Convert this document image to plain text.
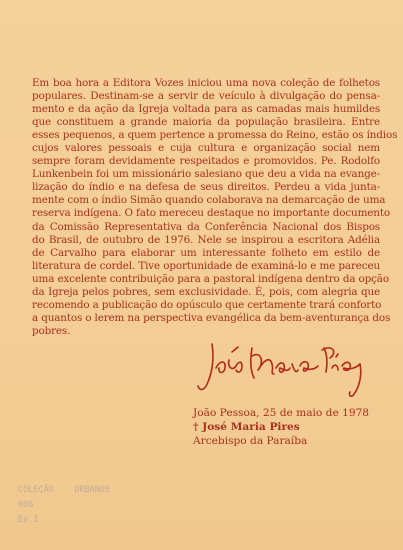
Em boa hora a Editora Vozes iniciou uma nova coleção de folhetos
populares. Destinam-se a servir de veículo à divulgação do pensa-
mento e da ação da Igreja voltada para as camadas mais humildes
que constituem a grande maioria da população brasileira. Entre
esses pequenos, a quem pertence a promessa do Reino, estão os índios
cujos valores pessoais e cuja cultura e organização social nem
sempre foram devidamente respeitados e promovidos. Pe. Rodolfo
Lunkenbein foi um missionário salesiano que deu a vida na evange-
lização do índio e na defesa de seus direitos. Perdeu a vida junta-
mente com o índio Simão quando colaborava na demarcação de uma
reserva indígena. O fato mereceu destaque no importante documento
da Comissão Representativa da Conferência Nacional dos Bispos
do Brasil, de outubro de 1976. Nele se inspirou a escritora Adélia
de Carvalho para elaborar um interessante folheto em estilo de
literatura de cordel. Tive oportunidade de examiná-lo e me pareceu
uma excelente contribuição para a pastoral indígena dentro da opção
da Igreja pelos pobres, sem exclusividade. É, pois, com alegria que
recomendo a publicação do opúsculo que certamente trará conforto
a quantos o lerem na perspectiva evangélica da bem-aventurança dos
pobres.
João Pessoa, 25 de maio de 1978
† José Maria Pires
Arcebispo da Paraíba
COLEÇÃO    URBANOS
006
Ex.1
